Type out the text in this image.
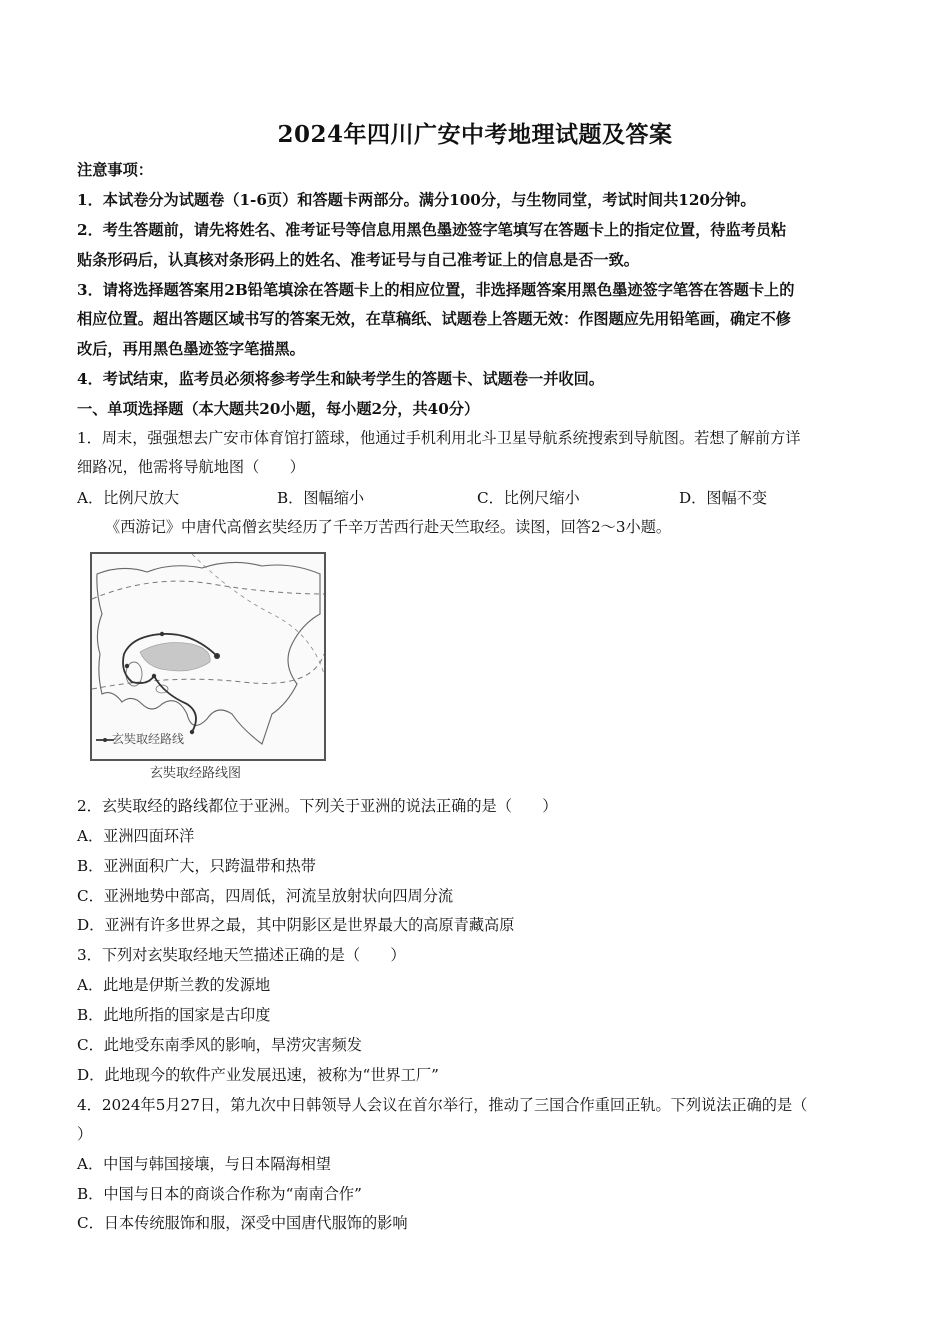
2024年四川广安中考地理试题及答案
注意事项：
1．本试卷分为试题卷（1-6页）和答题卡两部分。满分100分，与生物同堂，考试时间共120分钟。
2．考生答题前，请先将姓名、准考证号等信息用黑色墨迹签字笔填写在答题卡上的指定位置，待监考员粘
贴条形码后，认真核对条形码上的姓名、准考证号与自己准考证上的信息是否一致。
3．请将选择题答案用2B铅笔填涂在答题卡上的相应位置，非选择题答案用黑色墨迹签字笔答在答题卡上的
相应位置。超出答题区域书写的答案无效，在草稿纸、试题卷上答题无效：作图题应先用铅笔画，确定不修
改后，再用黑色墨迹签字笔描黑。
4．考试结束，监考员必须将参考学生和缺考学生的答题卡、试题卷一并收回。
一、单项选择题（本大题共20小题，每小题2分，共40分）
1．周末，强强想去广安市体育馆打篮球，他通过手机利用北斗卫星导航系统搜索到导航图。若想了解前方详
细路况，他需将导航地图（　　）
A．比例尺放大	B．图幅缩小	C．比例尺缩小	D．图幅不变
《西游记》中唐代高僧玄奘经历了千辛万苦西行赴天竺取经。读图，回答2～3小题。
玄奘取经路线
玄奘取经路线图
2．玄奘取经的路线都位于亚洲。下列关于亚洲的说法正确的是（　　）
A．亚洲四面环洋
B．亚洲面积广大，只跨温带和热带
C．亚洲地势中部高，四周低，河流呈放射状向四周分流
D．亚洲有许多世界之最，其中阴影区是世界最大的高原青藏高原
3．下列对玄奘取经地天竺描述正确的是（　　）
A．此地是伊斯兰教的发源地
B．此地所指的国家是古印度
C．此地受东南季风的影响，旱涝灾害频发
D．此地现今的软件产业发展迅速，被称为“世界工厂”
4．2024年5月27日，第九次中日韩领导人会议在首尔举行，推动了三国合作重回正轨。下列说法正确的是（
）
A．中国与韩国接壤，与日本隔海相望
B．中国与日本的商谈合作称为“南南合作”
C．日本传统服饰和服，深受中国唐代服饰的影响
